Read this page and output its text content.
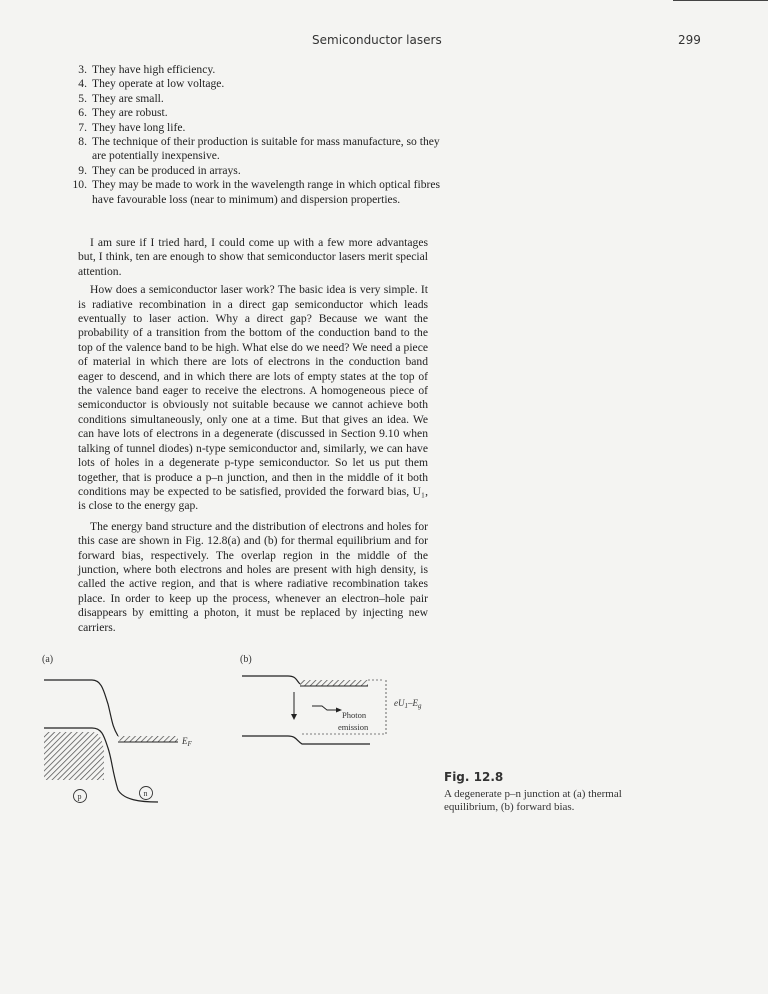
Semiconductor lasers	299
3. They have high efficiency.
4. They operate at low voltage.
5. They are small.
6. They are robust.
7. They have long life.
8. The technique of their production is suitable for mass manufacture, so they are potentially inexpensive.
9. They can be produced in arrays.
10. They may be made to work in the wavelength range in which optical fibres have favourable loss (near to minimum) and dispersion properties.

I am sure if I tried hard, I could come up with a few more advantages but, I think, ten are enough to show that semiconductor lasers merit special attention.

How does a semiconductor laser work? The basic idea is very simple. It is radiative recombination in a direct gap semiconductor which leads eventually to laser action. Why a direct gap? Because we want the probability of a transition from the bottom of the conduction band to the top of the valence band to be high. What else do we need? We need a piece of material in which there are lots of electrons in the conduction band eager to descend, and in which there are lots of empty states at the top of the valence band eager to receive the electrons. A homogeneous piece of semiconductor is obviously not suitable because we cannot achieve both conditions simultaneously, only one at a time. But that gives an idea. We can have lots of electrons in a degenerate (discussed in Section 9.10 when talking of tunnel diodes) n-type semiconductor and, similarly, we can have lots of holes in a degenerate p-type semiconductor. So let us put them together, that is produce a p–n junction, and then in the middle of it both conditions may be expected to be satisfied, provided the forward bias, U₁, is close to the energy gap.

The energy band structure and the distribution of electrons and holes for this case are shown in Fig. 12.8(a) and (b) for thermal equilibrium and for forward bias, respectively. The overlap region in the middle of the junction, where both electrons and holes are present with high density, is called the active region, and that is where radiative recombination takes place. In order to keep up the process, whenever an electron–hole pair disappears by emitting a photon, it must be replaced by injecting new carriers.

(a)
$E_F$
p	n
(b)
Photon
emission
$eU_1-E_g$
Fig. 12.8
A degenerate p–n junction at (a) thermal equilibrium, (b) forward bias.
